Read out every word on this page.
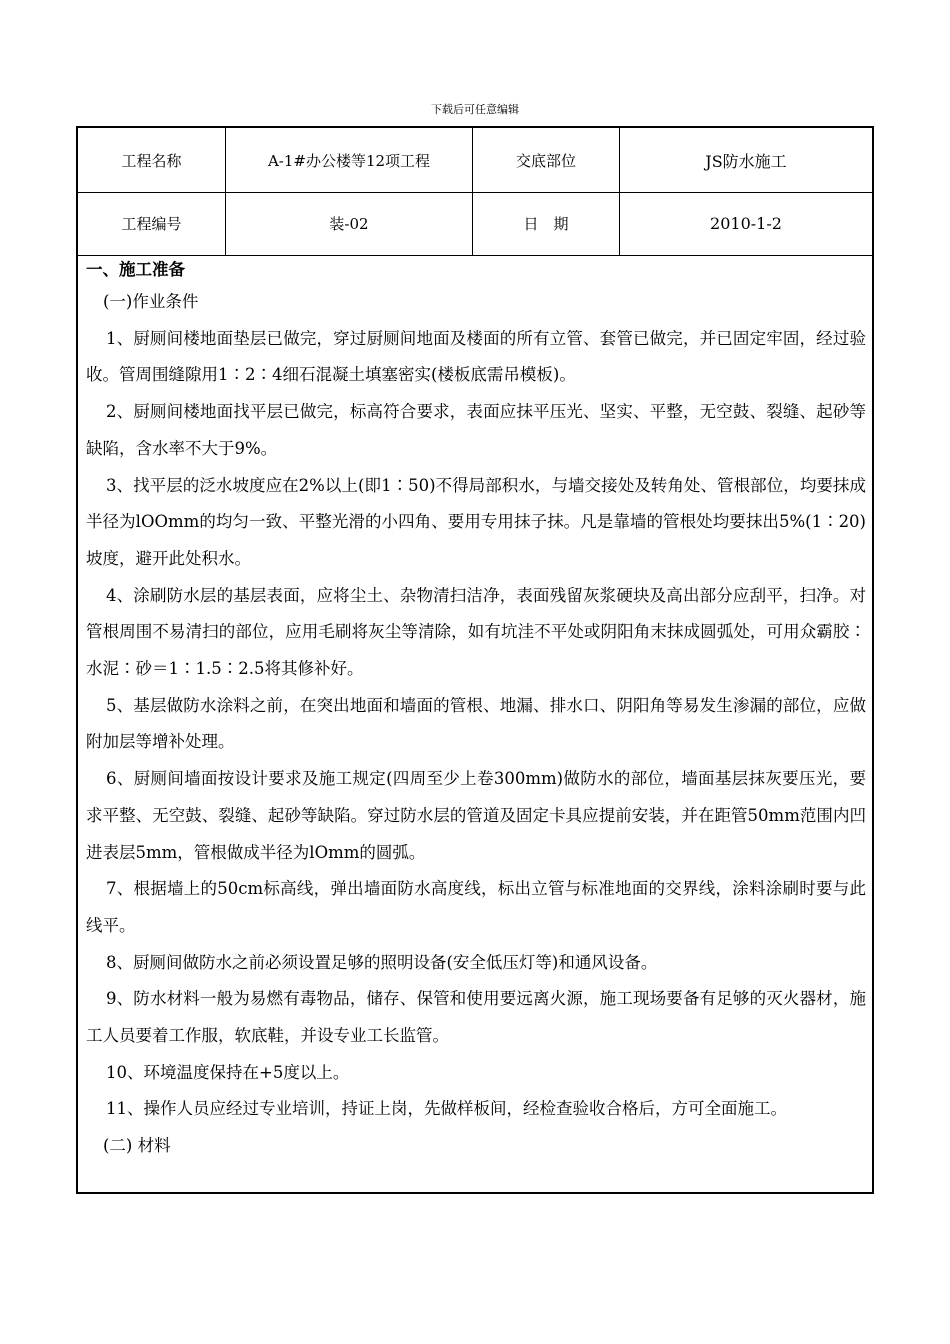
下载后可任意编辑
工程名称	A-1#办公楼等12项工程	交底部位	JS防水施工
工程编号	装-02	日　期	2010-1-2

一、施工准备

(一)作业条件

1、厨厕间楼地面垫层已做完，穿过厨厕间地面及楼面的所有立管、套管已做完，并已固定牢固，经过验收。管周围缝隙用1∶2∶4细石混凝土填塞密实(楼板底需吊模板)。

2、厨厕间楼地面找平层已做完，标高符合要求，表面应抹平压光、坚实、平整，无空鼓、裂缝、起砂等缺陷，含水率不大于9%。

3、找平层的泛水坡度应在2%以上(即1∶50)不得局部积水，与墙交接处及转角处、管根部位，均要抹成半径为lOOmm的均匀一致、平整光滑的小四角、要用专用抹子抹。凡是靠墙的管根处均要抹出5%(1∶20)坡度，避开此处积水。

4、涂刷防水层的基层表面，应将尘土、杂物清扫洁净，表面残留灰浆硬块及高出部分应刮平，扫净。对管根周围不易清扫的部位，应用毛刷将灰尘等清除，如有坑洼不平处或阴阳角末抹成圆弧处，可用众霸胶∶水泥∶砂＝1∶1.5∶2.5将其修补好。

5、基层做防水涂料之前，在突出地面和墙面的管根、地漏、排水口、阴阳角等易发生渗漏的部位，应做附加层等增补处理。

6、厨厕间墙面按设计要求及施工规定(四周至少上卷300mm)做防水的部位，墙面基层抹灰要压光，要求平整、无空鼓、裂缝、起砂等缺陷。穿过防水层的管道及固定卡具应提前安装，并在距管50mm范围内凹进表层5mm，管根做成半径为lOmm的圆弧。

7、根据墙上的50cm标高线，弹出墙面防水高度线，标出立管与标准地面的交界线，涂料涂刷时要与此线平。

8、厨厕间做防水之前必须设置足够的照明设备(安全低压灯等)和通风设备。

9、防水材料一般为易燃有毒物品，储存、保管和使用要远离火源，施工现场要备有足够的灭火器材，施工人员要着工作服，软底鞋，并设专业工长监管。

10、环境温度保持在+5度以上。

11、操作人员应经过专业培训，持证上岗，先做样板间，经检查验收合格后，方可全面施工。

(二) 材料
